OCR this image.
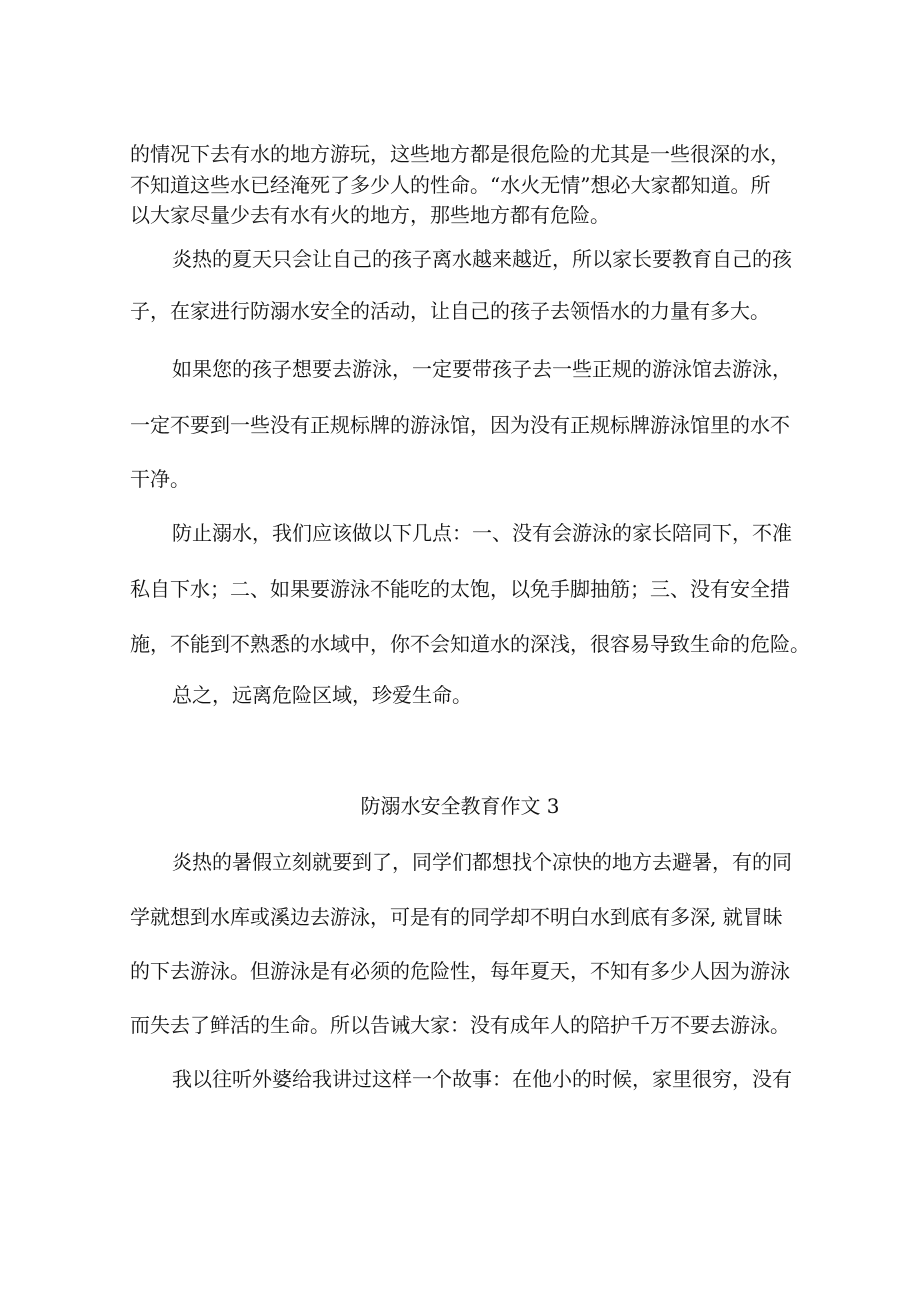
的情况下去有水的地方游玩，这些地方都是很危险的尤其是一些很深的水，
不知道这些水已经淹死了多少人的性命。“水火无情”想必大家都知道。所
以大家尽量少去有水有火的地方，那些地方都有危险。
炎热的夏天只会让自己的孩子离水越来越近，所以家长要教育自己的孩
子，在家进行防溺水安全的活动，让自己的孩子去领悟水的力量有多大。
如果您的孩子想要去游泳，一定要带孩子去一些正规的游泳馆去游泳，
一定不要到一些没有正规标牌的游泳馆，因为没有正规标牌游泳馆里的水不
干净。
防止溺水，我们应该做以下几点：一、没有会游泳的家长陪同下，不准
私自下水；二、如果要游泳不能吃的太饱，以免手脚抽筋；三、没有安全措
施，不能到不熟悉的水域中，你不会知道水的深浅，很容易导致生命的危险。
总之，远离危险区域，珍爱生命。
防溺水安全教育作文 3
炎热的暑假立刻就要到了，同学们都想找个凉快的地方去避暑，有的同
学就想到水库或溪边去游泳，可是有的同学却不明白水到底有多深, 就冒昧
的下去游泳。但游泳是有必须的危险性，每年夏天，不知有多少人因为游泳
而失去了鲜活的生命。所以告诫大家：没有成年人的陪护千万不要去游泳。
我以往听外婆给我讲过这样一个故事：在他小的时候，家里很穷，没有
